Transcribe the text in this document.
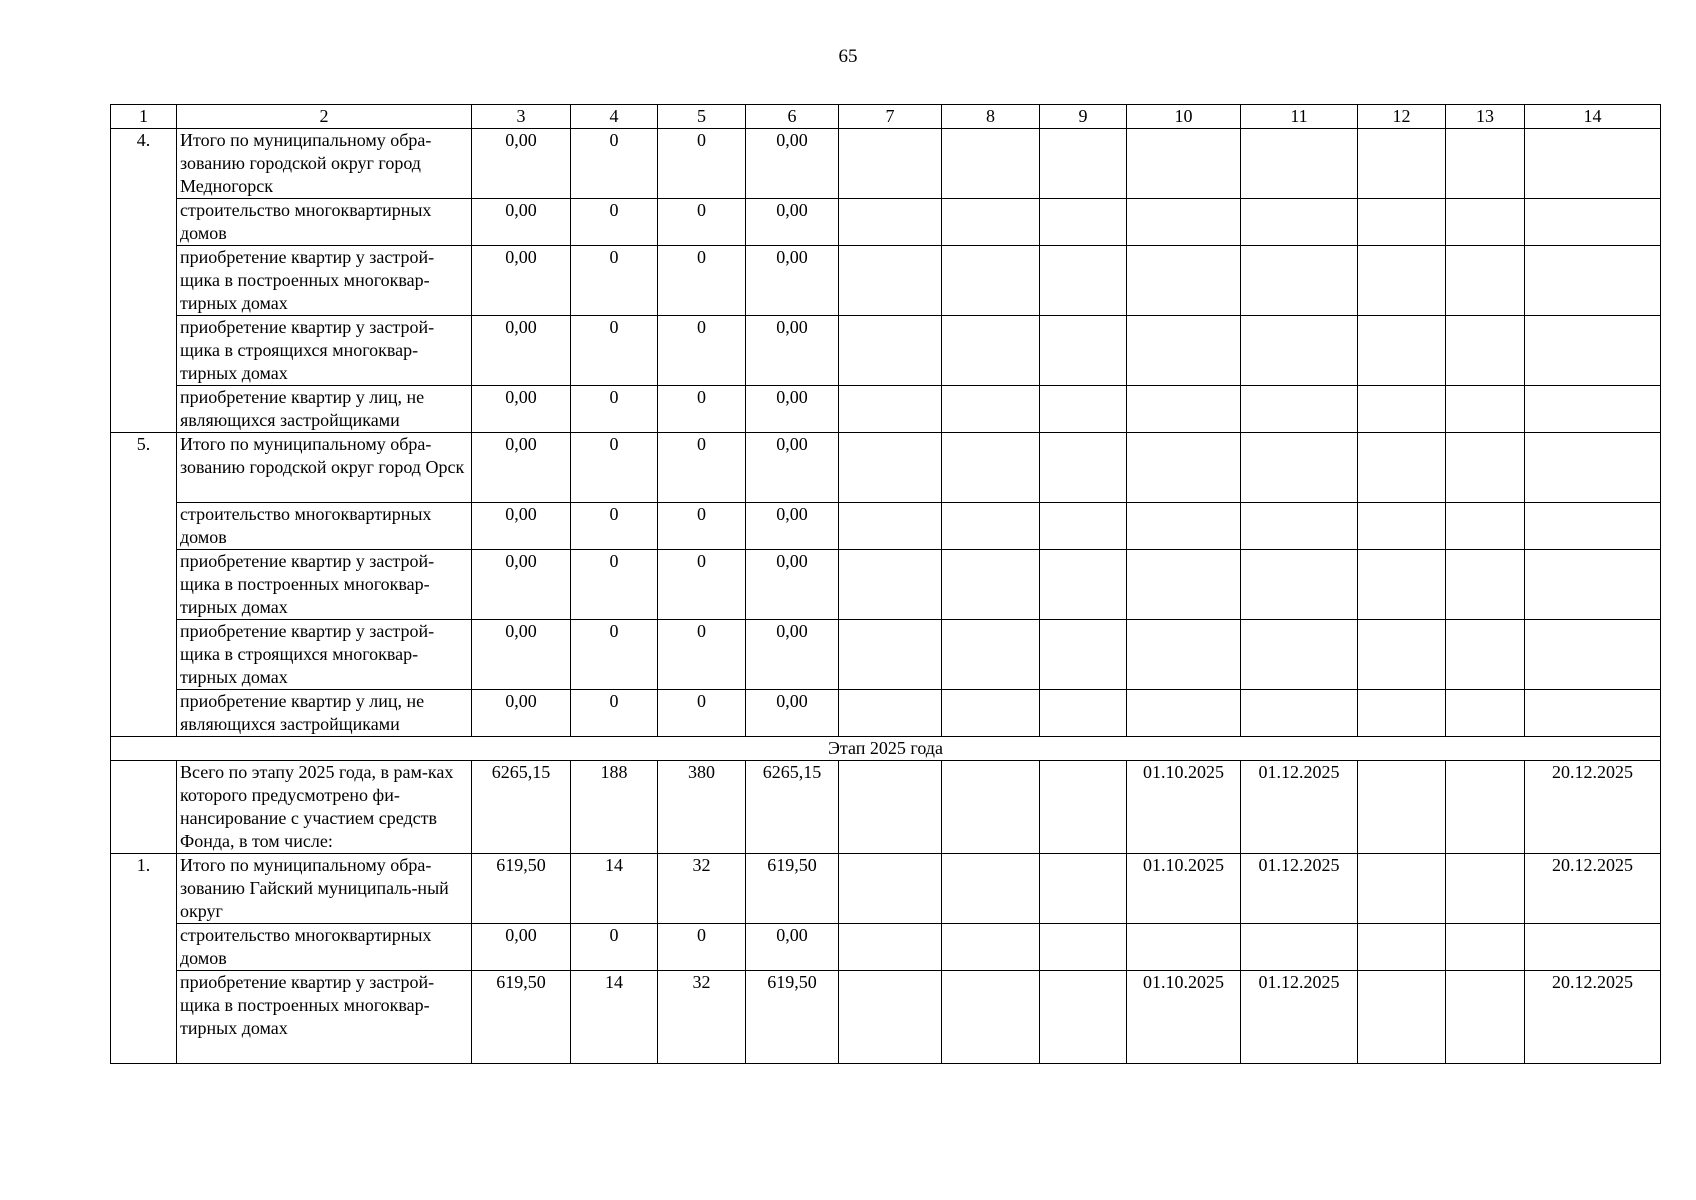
65
1	2	3	4	5	6	7	8	9	10	11	12	13	14
4.	Итого по муниципальному обра-зованию городской округ город Медногорск	0,00	0	0	0,00								
	строительство многоквартирных домов	0,00	0	0	0,00								
	приобретение квартир у застрой-щика в построенных многоквар-тирных домах	0,00	0	0	0,00								
	приобретение квартир у застрой-щика в строящихся многоквар-тирных домах	0,00	0	0	0,00								
	приобретение квартир у лиц, не являющихся застройщиками	0,00	0	0	0,00								
5.	Итого по муниципальному обра-зованию городской округ город Орск	0,00	0	0	0,00								
	строительство многоквартирных домов	0,00	0	0	0,00								
	приобретение квартир у застрой-щика в построенных многоквар-тирных домах	0,00	0	0	0,00								
	приобретение квартир у застрой-щика в строящихся многоквар-тирных домах	0,00	0	0	0,00								
	приобретение квартир у лиц, не являющихся застройщиками	0,00	0	0	0,00								
Этап 2025 года													
	Всего по этапу 2025 года, в рам-ках которого предусмотрено фи-нансирование с участием средств Фонда, в том числе:	6265,15	188	380	6265,15				01.10.2025	01.12.2025			20.12.2025
1.	Итого по муниципальному обра-зованию Гайский муниципаль-ный округ	619,50	14	32	619,50				01.10.2025	01.12.2025			20.12.2025
	строительство многоквартирных домов	0,00	0	0	0,00								
	приобретение квартир у застрой-щика в построенных многоквар-тирных домах	619,50	14	32	619,50				01.10.2025	01.12.2025			20.12.2025
